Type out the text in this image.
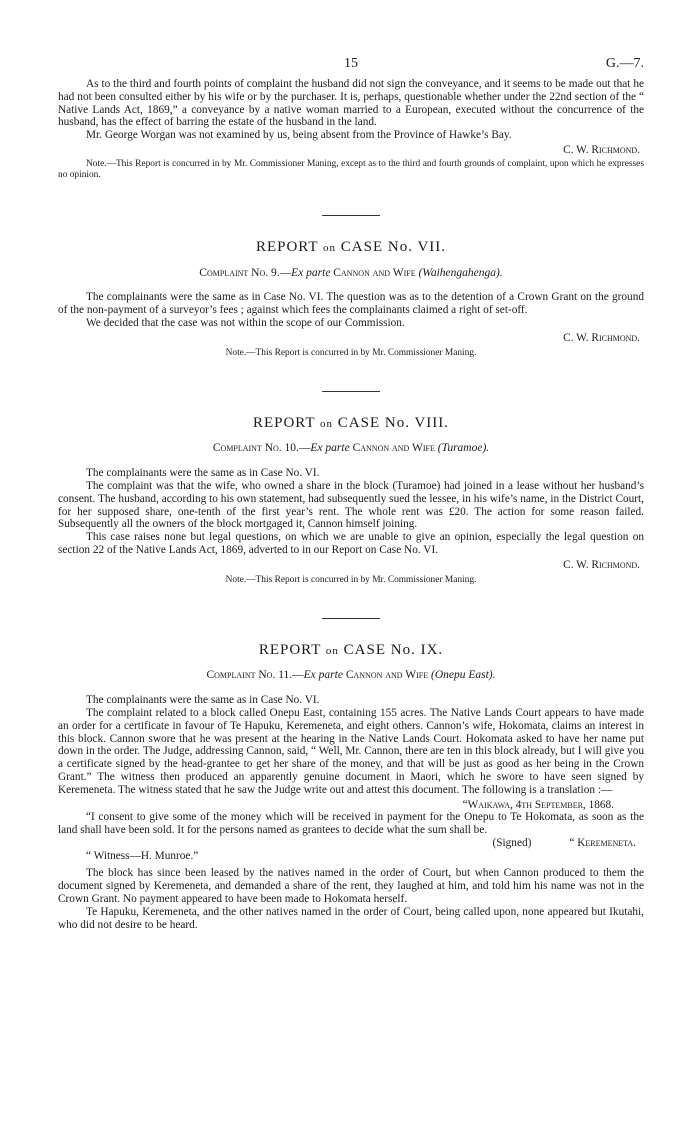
15	G.—7.

As to the third and fourth points of complaint the husband did not sign the conveyance, and it seems to be made out that he had not been consulted either by his wife or by the purchaser. It is, perhaps, questionable whether under the 22nd section of the “ Native Lands Act, 1869,” a conveyance by a native woman married to a European, executed without the concurrence of the husband, has the effect of barring the estate of the husband in the land.

Mr. George Worgan was not examined by us, being absent from the Province of Hawke’s Bay.

C. W. Richmond.

Note.—This Report is concurred in by Mr. Commissioner Maning, except as to the third and fourth grounds of complaint, upon which he expresses no opinion.

REPORT on CASE No. VII.
Complaint No. 9.—Ex parte Cannon and Wife (Waihengahenga).

The complainants were the same as in Case No. VI. The question was as to the detention of a Crown Grant on the ground of the non-payment of a surveyor’s fees ; against which fees the complainants claimed a right of set-off.

We decided that the case was not within the scope of our Commission.

C. W. Richmond.

Note.—This Report is concurred in by Mr. Commissioner Maning.

REPORT on CASE No. VIII.
Complaint No. 10.—Ex parte Cannon and Wife (Turamoe).

The complainants were the same as in Case No. VI.

The complaint was that the wife, who owned a share in the block (Turamoe) had joined in a lease without her husband’s consent. The husband, according to his own statement, had subsequently sued the lessee, in his wife’s name, in the District Court, for her supposed share, one-tenth of the first year’s rent. The whole rent was £20. The action for some reason failed. Subsequently all the owners of the block mortgaged it, Cannon himself joining.

This case raises none but legal questions, on which we are unable to give an opinion, especially the legal question on section 22 of the Native Lands Act, 1869, adverted to in our Report on Case No. VI.

C. W. Richmond.

Note.—This Report is concurred in by Mr. Commissioner Maning.

REPORT on CASE No. IX.
Complaint No. 11.—Ex parte Cannon and Wife (Onepu East).

The complainants were the same as in Case No. VI.

The complaint related to a block called Onepu East, containing 155 acres. The Native Lands Court appears to have made an order for a certificate in favour of Te Hapuku, Keremeneta, and eight others. Cannon’s wife, Hokomata, claims an interest in this block. Cannon swore that he was present at the hearing in the Native Lands Court. Hokomata asked to have her name put down in the order. The Judge, addressing Cannon, said, “ Well, Mr. Cannon, there are ten in this block already, but I will give you a certificate signed by the head-grantee to get her share of the money, and that will be just as good as her being in the Crown Grant.” The witness then produced an apparently genuine document in Maori, which he swore to have seen signed by Keremeneta. The witness stated that he saw the Judge write out and attest this document. The following is a translation :—

“Waikawa, 4th September, 1868.

“I consent to give some of the money which will be received in payment for the Onepu to Te Hokomata, as soon as the land shall have been sold. It for the persons named as grantees to decide what the sum shall be.

(Signed)	“ Keremeneta.

“ Witness—H. Munroe.”

The block has since been leased by the natives named in the order of Court, but when Cannon produced to them the document signed by Keremeneta, and demanded a share of the rent, they laughed at him, and told him his name was not in the Crown Grant. No payment appeared to have been made to Hokomata herself.

Te Hapuku, Keremeneta, and the other natives named in the order of Court, being called upon, none appeared but Ikutahi, who did not desire to be heard.
